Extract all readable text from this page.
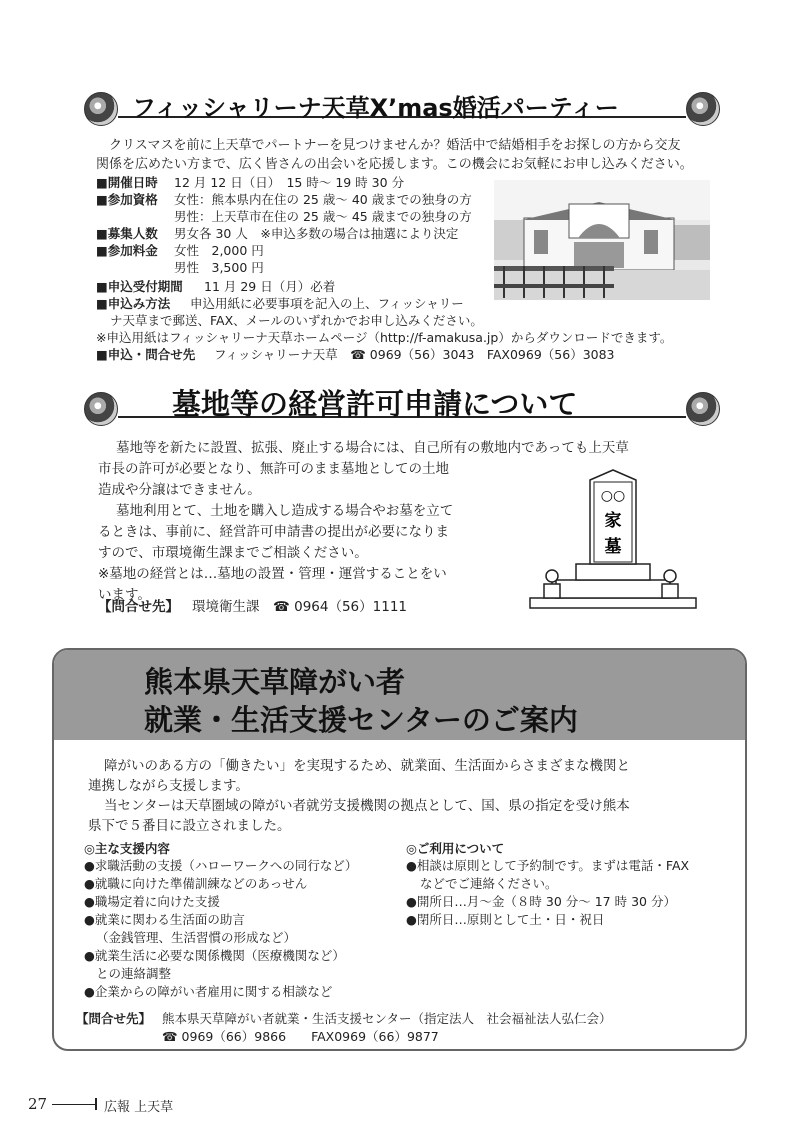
フィッシャリーナ天草X’mas婚活パーティー
　クリスマスを前に上天草でパートナーを見つけませんか？婚活中で結婚相手をお探しの方から交友
関係を広めたい方まで、広く皆さんの出会いを応援します。この機会にお気軽にお申し込みください。
■開催日時 12 月 12 日（日）　15 時～ 19 時 30 分
■参加資格 女性：熊本県内在住の 25 歳～ 40 歳までの独身の方
男性：上天草市在住の 25 歳～ 45 歳までの独身の方
■募集人数 男女各 30 人　※申込多数の場合は抽選により決定
■参加料金 女性　2,000 円
男性　3,500 円
■申込受付期間 11 月 29 日（月）必着
■申込み方法 申込用紙に必要事項を記入の上、フィッシャリー
ナ天草まで郵送、FAX、メールのいずれかでお申し込みください。
※申込用紙はフィッシャリーナ天草ホームページ（http://f-amakusa.jp）からダウンロードできます。
■申込・問合せ先 フィッシャリーナ天草　☎ 0969（56）3043　FAX0969（56）3083
墓地等の経営許可申請について
墓地等を新たに設置、拡張、廃止する場合には、自己所有の敷地内であっても上天草
市長の許可が必要となり、無許可のまま墓地としての土地
造成や分譲はできません。
墓地利用とて、土地を購入し造成する場合やお墓を立て
るときは、事前に、経営許可申請書の提出が必要になりま
すので、市環境衛生課までご相談ください。
※墓地の経営とは…墓地の設置・管理・運営することをい
います。
【問合せ先】 環境衛生課　☎ 0964（56）1111
○○
家
墓
熊本県天草障がい者
就業・生活支援センターのご案内
障がいのある方の「働きたい」を実現するため、就業面、生活面からさまざまな機関と
連携しながら支援します。
当センターは天草圏域の障がい者就労支援機関の拠点として、国、県の指定を受け熊本
県下で５番目に設立されました。
◎主な支援内容
●求職活動の支援（ハローワークへの同行など）
●就職に向けた準備訓練などのあっせん
●職場定着に向けた支援
●就業に関わる生活面の助言
（金銭管理、生活習慣の形成など）
●就業生活に必要な関係機関（医療機関など）
との連絡調整
●企業からの障がい者雇用に関する相談など
◎ご利用について
●相談は原則として予約制です。まずは電話・FAX
などでご連絡ください。
●開所日…月～金（８時 30 分～ 17 時 30 分）
●閉所日…原則として土・日・祝日
【問合せ先】 熊本県天草障がい者就業・生活支援センター（指定法人　社会福祉法人弘仁会）
☎ 0969（66）9866　　FAX0969（66）9877
27	広報 上天草
